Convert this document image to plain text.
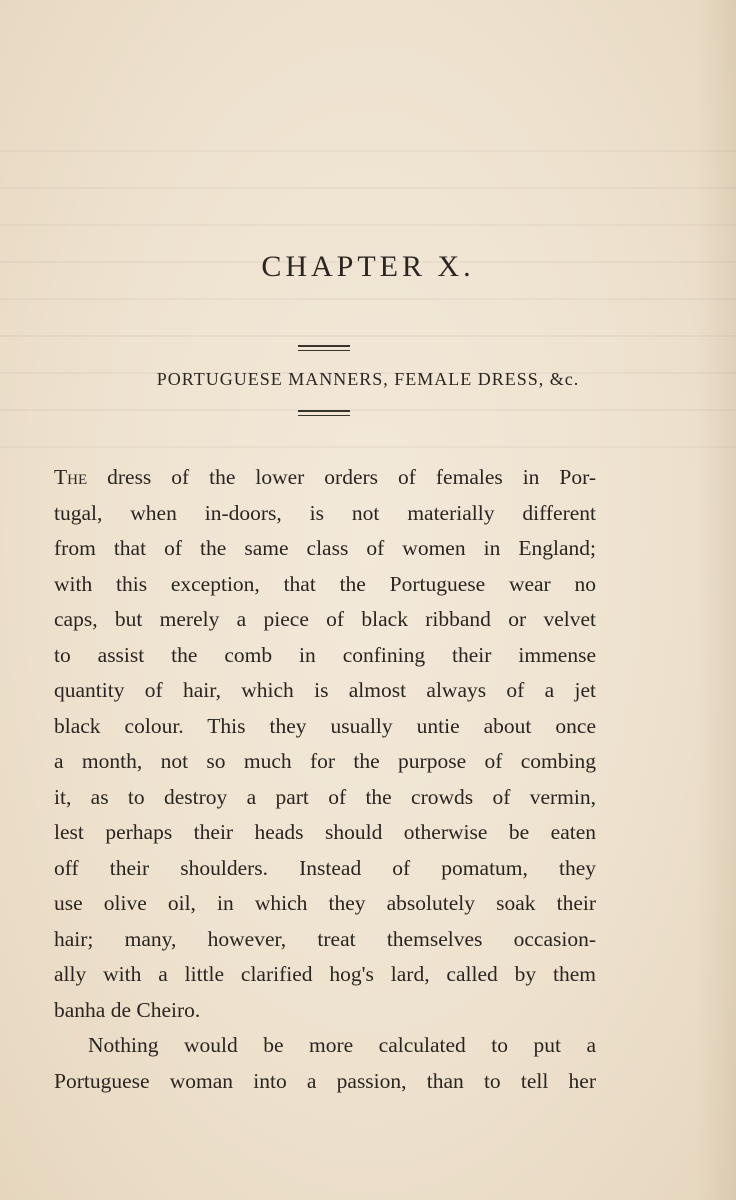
CHAPTER X.

PORTUGUESE MANNERS, FEMALE DRESS, &c.

The dress of the lower orders of females in Por-
tugal, when in-doors, is not materially different
from that of the same class of women in England;
with this exception, that the Portuguese wear no
caps, but merely a piece of black ribband or velvet
to assist the comb in confining their immense
quantity of hair, which is almost always of a jet
black colour. This they usually untie about once
a month, not so much for the purpose of combing
it, as to destroy a part of the crowds of vermin,
lest perhaps their heads should otherwise be eaten
off their shoulders. Instead of pomatum, they
use olive oil, in which they absolutely soak their
hair; many, however, treat themselves occasion-
ally with a little clarified hog's lard, called by them
banha de Cheiro.
Nothing would be more calculated to put a
Portuguese woman into a passion, than to tell her
